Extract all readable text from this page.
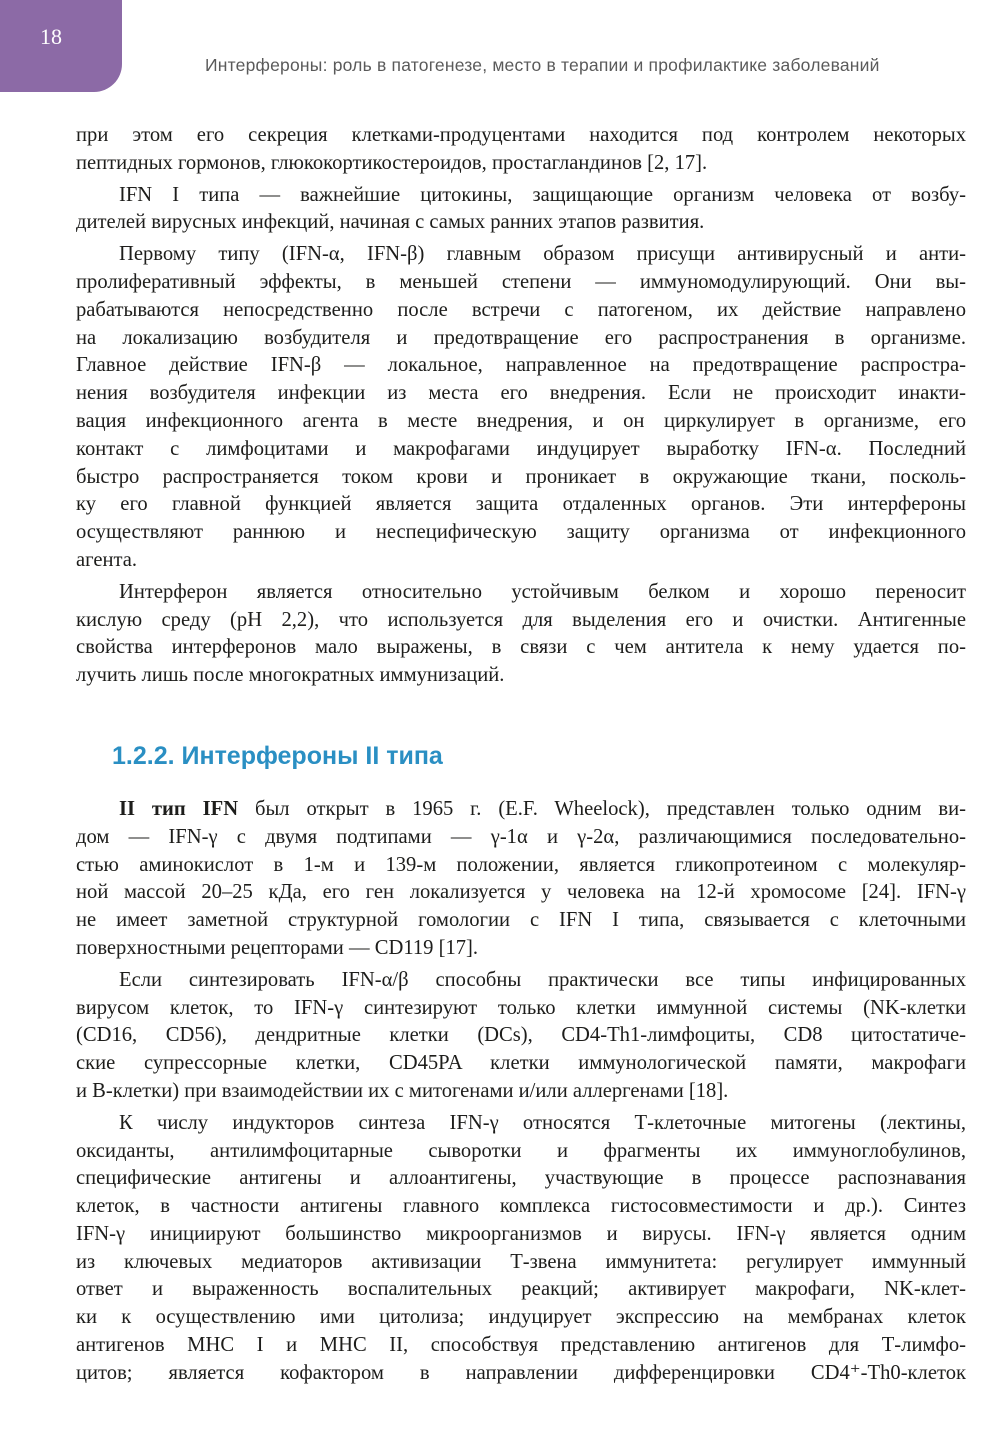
18
Интерфероны: роль в патогенезе, место в терапии и профилактике заболеваний
при этом его секреция клетками-продуцентами находится под контролем некоторых
пептидных гормонов, глюкокортикостероидов, простагландинов [2, 17].
IFN I типа — важнейшие цитокины, защищающие организм человека от возбу-
дителей вирусных инфекций, начиная с самых ранних этапов развития.
Первому типу (IFN-α, IFN-β) главным образом присущи антивирусный и анти-
пролиферативный эффекты, в меньшей степени — иммуномодулирующий. Они вы-
рабатываются непосредственно после встречи с патогеном, их действие направлено
на локализацию возбудителя и предотвращение его распространения в организме.
Главное действие IFN-β — локальное, направленное на предотвращение распростра-
нения возбудителя инфекции из места его внедрения. Если не происходит инакти-
вация инфекционного агента в месте внедрения, и он циркулирует в организме, его
контакт с лимфоцитами и макрофагами индуцирует выработку IFN-α. Последний
быстро распространяется током крови и проникает в окружающие ткани, посколь-
ку его главной функцией является защита отдаленных органов. Эти интерфероны
осуществляют раннюю и неспецифическую защиту организма от инфекционного
агента.
Интерферон является относительно устойчивым белком и хорошо переносит
кислую среду (pH 2,2), что используется для выделения его и очистки. Антигенные
свойства интерферонов мало выражены, в связи с чем антитела к нему удается по-
лучить лишь после многократных иммунизаций.
1.2.2. Интерфероны II типа
II тип IFN был открыт в 1965 г. (E.F. Wheelock), представлен только одним ви-
дом — IFN-γ с двумя подтипами — γ-1α и γ-2α, различающимися последовательно-
стью аминокислот в 1-м и 139-м положении, является гликопротеином с молекуляр-
ной массой 20–25 кДа, его ген локализуется у человека на 12-й хромосоме [24]. IFN-γ
не имеет заметной структурной гомологии с IFN I типа, связывается с клеточными
поверхностными рецепторами — CD119 [17].
Если синтезировать IFN-α/β способны практически все типы инфицированных
вирусом клеток, то IFN-γ синтезируют только клетки иммунной системы (NK-клетки
(CD16, CD56), дендритные клетки (DCs), CD4-Th1-лимфоциты, CD8 цитостатиче-
ские супрессорные клетки, CD45PA клетки иммунологической памяти, макрофаги
и В-клетки) при взаимодействии их с митогенами и/или аллергенами [18].
К числу индукторов синтеза IFN-γ относятся Т-клеточные митогены (лектины,
оксиданты, антилимфоцитарные сыворотки и фрагменты их иммуноглобулинов,
специфические антигены и аллоантигены, участвующие в процессе распознавания
клеток, в частности антигены главного комплекса гистосовместимости и др.). Синтез
IFN-γ инициируют большинство микроорганизмов и вирусы. IFN-γ является одним
из ключевых медиаторов активизации Т-звена иммунитета: регулирует иммунный
ответ и выраженность воспалительных реакций; активирует макрофаги, NK-клет-
ки к осуществлению ими цитолиза; индуцирует экспрессию на мембранах клеток
антигенов MHC I и MHC II, способствуя представлению антигенов для Т-лимфо-
цитов; является кофактором в направлении дифференцировки CD4⁺-Th0-клеток
